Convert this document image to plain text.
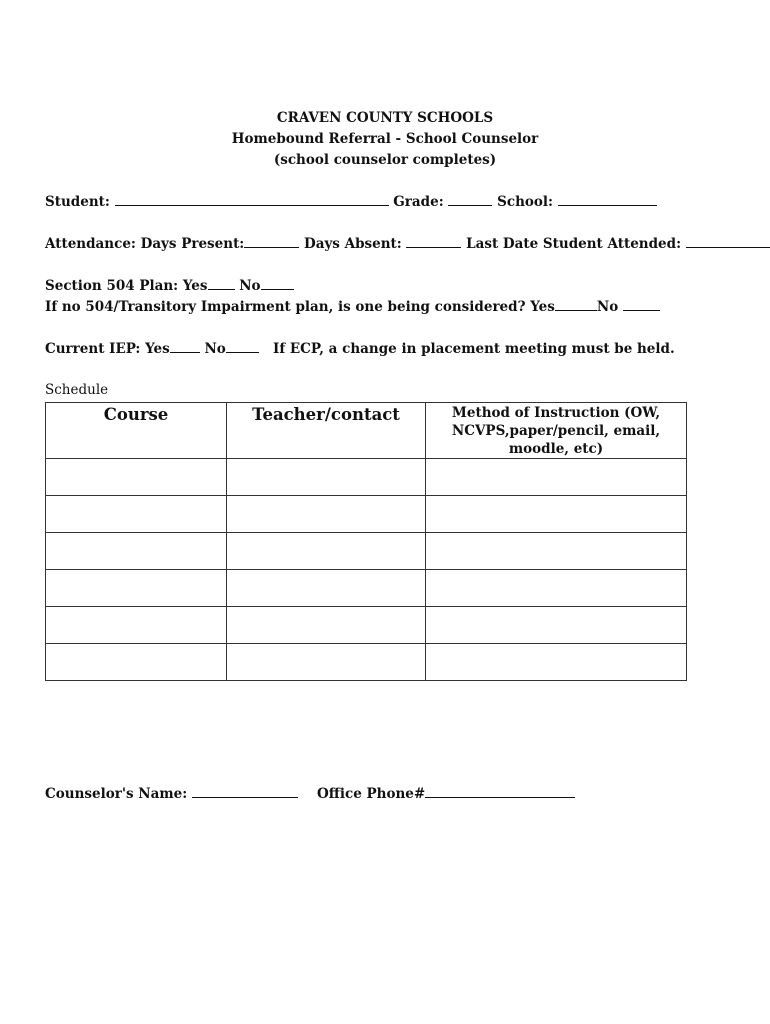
CRAVEN COUNTY SCHOOLS
Homebound Referral - School Counselor
(school counselor completes)
Student:	Grade:	School:
Attendance: Days Present:	Days Absent:	Last Date Student Attended:
Section 504 Plan: Yes No
If no 504/Transitory Impairment plan, is one being considered? Yes	No
Current IEP: Yes	No	If ECP, a change in placement meeting must be held.
Schedule
Course	Teacher/contact	Method of Instruction (OW, NCVPS,paper/pencil, email, moodle, etc)

Counselor's Name:	Office Phone#
